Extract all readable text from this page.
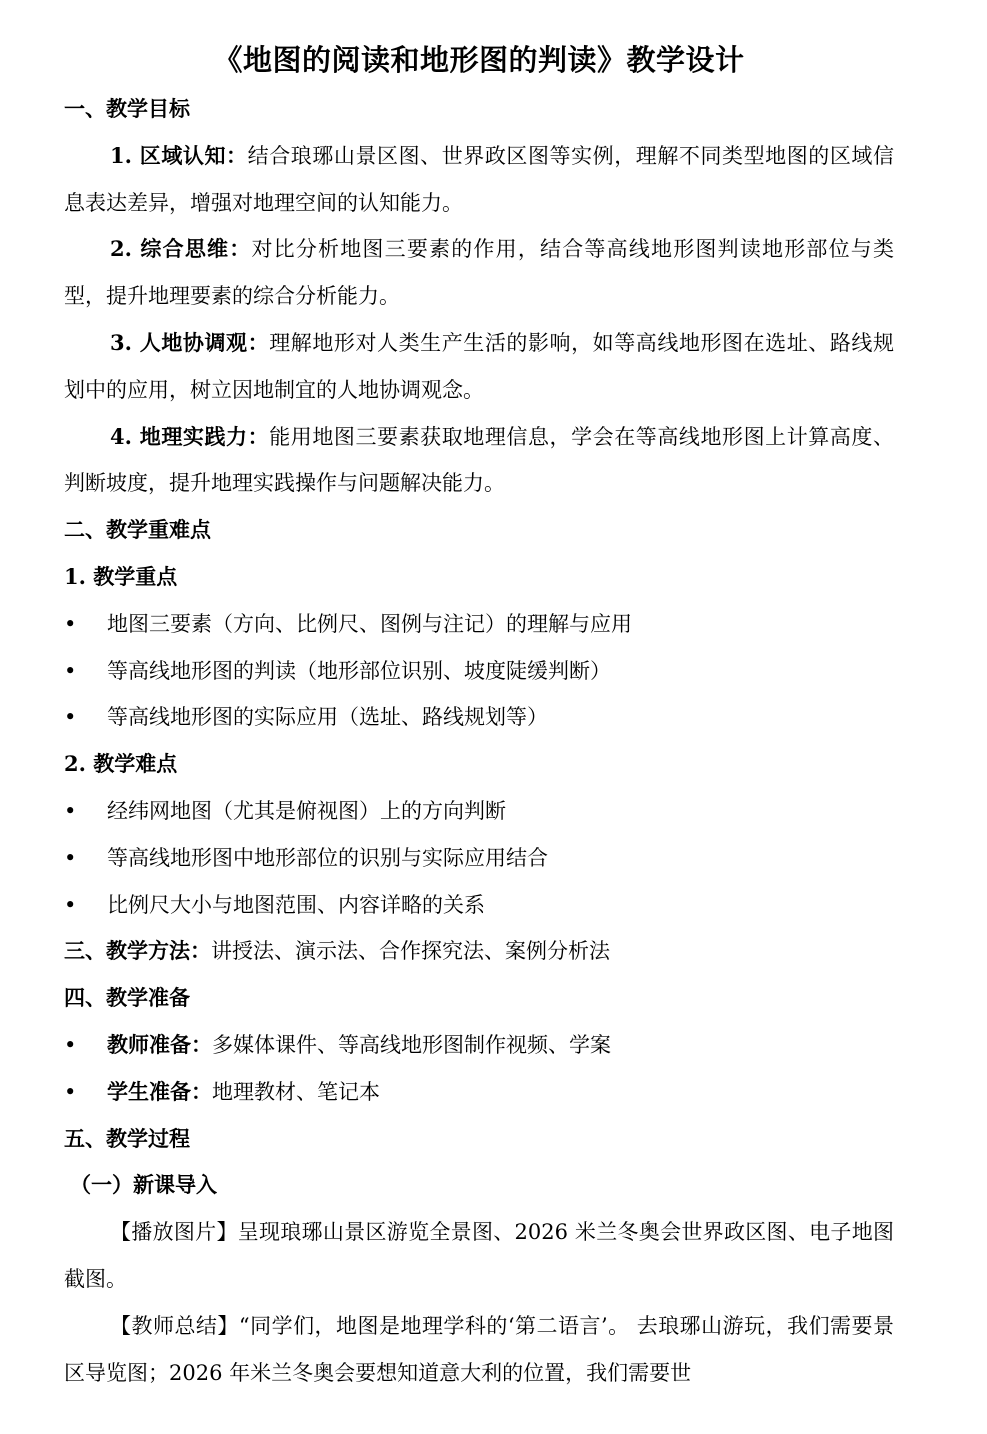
《地图的阅读和地形图的判读》教学设计

一、教学目标

1. 区域认知：结合琅琊山景区图、世界政区图等实例，理解不同类型地图的区域信息表达差异，增强对地理空间的认知能力。

2. 综合思维：对比分析地图三要素的作用，结合等高线地形图判读地形部位与类型，提升地理要素的综合分析能力。

3. 人地协调观：理解地形对人类生产生活的影响，如等高线地形图在选址、路线规划中的应用，树立因地制宜的人地协调观念。

4. 地理实践力：能用地图三要素获取地理信息，学会在等高线地形图上计算高度、判断坡度，提升地理实践操作与问题解决能力。

二、教学重难点

1. 教学重点

• 地图三要素（方向、比例尺、图例与注记）的理解与应用

• 等高线地形图的判读（地形部位识别、坡度陡缓判断）

• 等高线地形图的实际应用（选址、路线规划等）

2. 教学难点

• 经纬网地图（尤其是俯视图）上的方向判断

• 等高线地形图中地形部位的识别与实际应用结合

• 比例尺大小与地图范围、内容详略的关系

三、教学方法：讲授法、演示法、合作探究法、案例分析法

四、教学准备

• 教师准备：多媒体课件、等高线地形图制作视频、学案

• 学生准备：地理教材、笔记本

五、教学过程

（一）新课导入

【播放图片】呈现琅琊山景区游览全景图、2026 米兰冬奥会世界政区图、电子地图截图。

【教师总结】“同学们，地图是地理学科的‘第二语言’。 去琅琊山游玩，我们需要景区导览图；2026 年米兰冬奥会要想知道意大利的位置，我们需要世
